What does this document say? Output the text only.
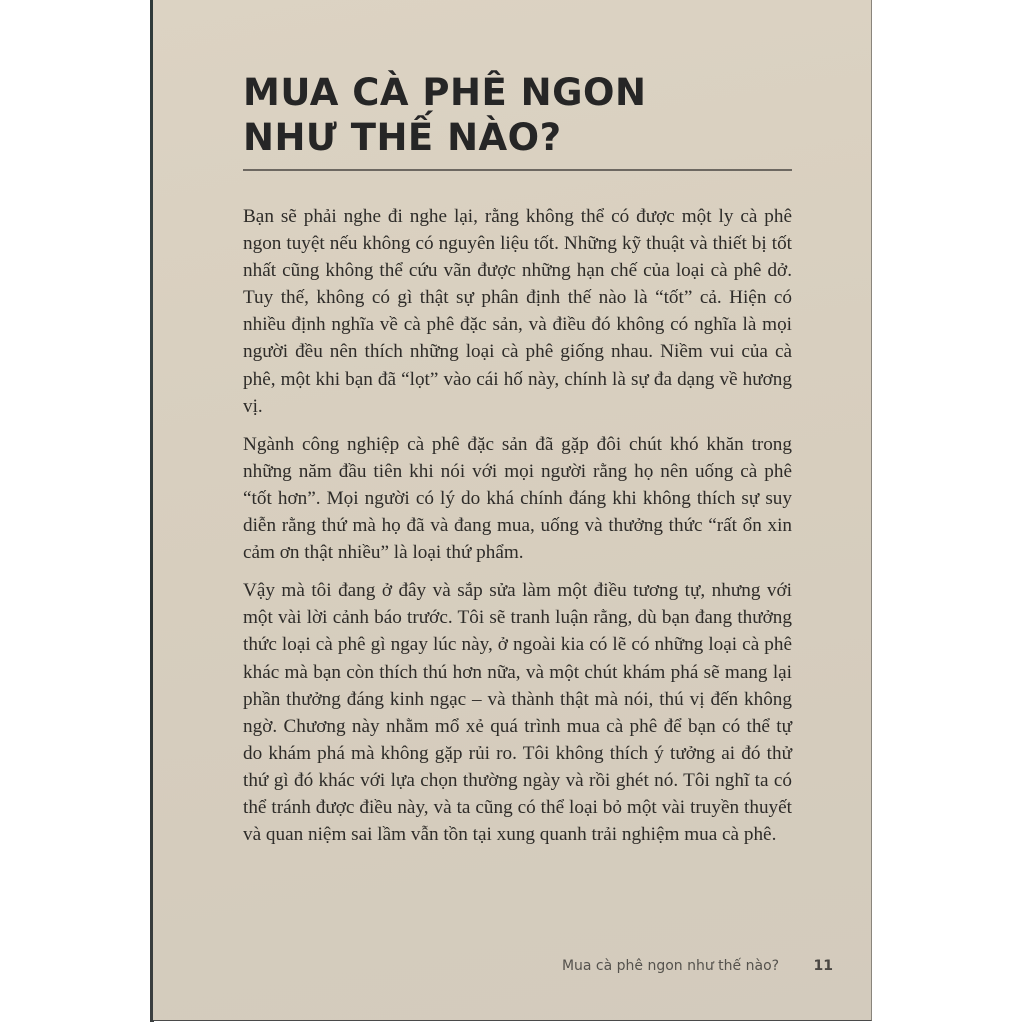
MUA CÀ PHÊ NGON
NHƯ THẾ NÀO?

Bạn sẽ phải nghe đi nghe lại, rằng không thể có được một ly cà phê ngon tuyệt nếu không có nguyên liệu tốt. Những kỹ thuật và thiết bị tốt nhất cũng không thể cứu vãn được những hạn chế của loại cà phê dở. Tuy thế, không có gì thật sự phân định thế nào là “tốt” cả. Hiện có nhiều định nghĩa về cà phê đặc sản, và điều đó không có nghĩa là mọi người đều nên thích những loại cà phê giống nhau. Niềm vui của cà phê, một khi bạn đã “lọt” vào cái hố này, chính là sự đa dạng về hương vị.

Ngành công nghiệp cà phê đặc sản đã gặp đôi chút khó khăn trong những năm đầu tiên khi nói với mọi người rằng họ nên uống cà phê “tốt hơn”. Mọi người có lý do khá chính đáng khi không thích sự suy diễn rằng thứ mà họ đã và đang mua, uống và thưởng thức “rất ổn xin cảm ơn thật nhiều” là loại thứ phẩm.

Vậy mà tôi đang ở đây và sắp sửa làm một điều tương tự, nhưng với một vài lời cảnh báo trước. Tôi sẽ tranh luận rằng, dù bạn đang thưởng thức loại cà phê gì ngay lúc này, ở ngoài kia có lẽ có những loại cà phê khác mà bạn còn thích thú hơn nữa, và một chút khám phá sẽ mang lại phần thưởng đáng kinh ngạc – và thành thật mà nói, thú vị đến không ngờ. Chương này nhằm mổ xẻ quá trình mua cà phê để bạn có thể tự do khám phá mà không gặp rủi ro. Tôi không thích ý tưởng ai đó thử thứ gì đó khác với lựa chọn thường ngày và rồi ghét nó. Tôi nghĩ ta có thể tránh được điều này, và ta cũng có thể loại bỏ một vài truyền thuyết và quan niệm sai lầm vẫn tồn tại xung quanh trải nghiệm mua cà phê.

Mua cà phê ngon như thế nào? 11
